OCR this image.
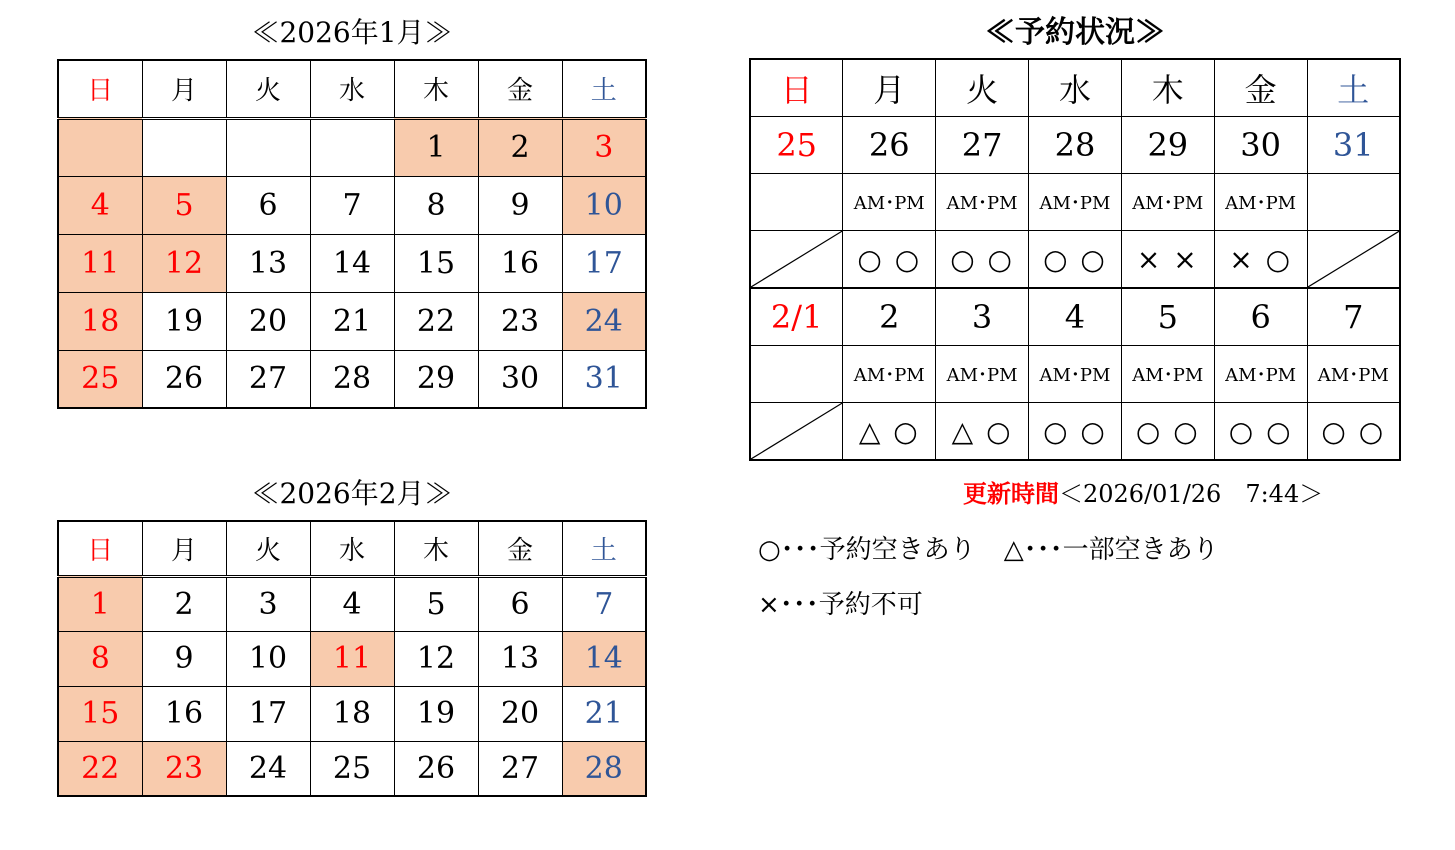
≪2026年1月≫
日	月	火	水	木	金	土
				1	2	3
4	5	6	7	8	9	10
11	12	13	14	15	16	17
18	19	20	21	22	23	24
25	26	27	28	29	30	31
≪2026年2月≫
日	月	火	水	木	金	土
1	2	3	4	5	6	7
8	9	10	11	12	13	14
15	16	17	18	19	20	21
22	23	24	25	26	27	28
≪予約状況≫
日	月	火	水	木	金	土
25	26	27	28	29	30	31
	AM･PM	AM･PM	AM･PM	AM･PM	AM･PM	

	○ ○	○ ○	○ ○	× ×	× ○	

2/1	2	3	4	5	6	7
	AM･PM	AM･PM	AM･PM	AM･PM	AM･PM	AM･PM

	△ ○	△ ○	○ ○	○ ○	○ ○	○ ○
更新時間＜2026/01/26　7:44＞
○･･･予約空きあり △･･･一部空きあり
×･･･予約不可
